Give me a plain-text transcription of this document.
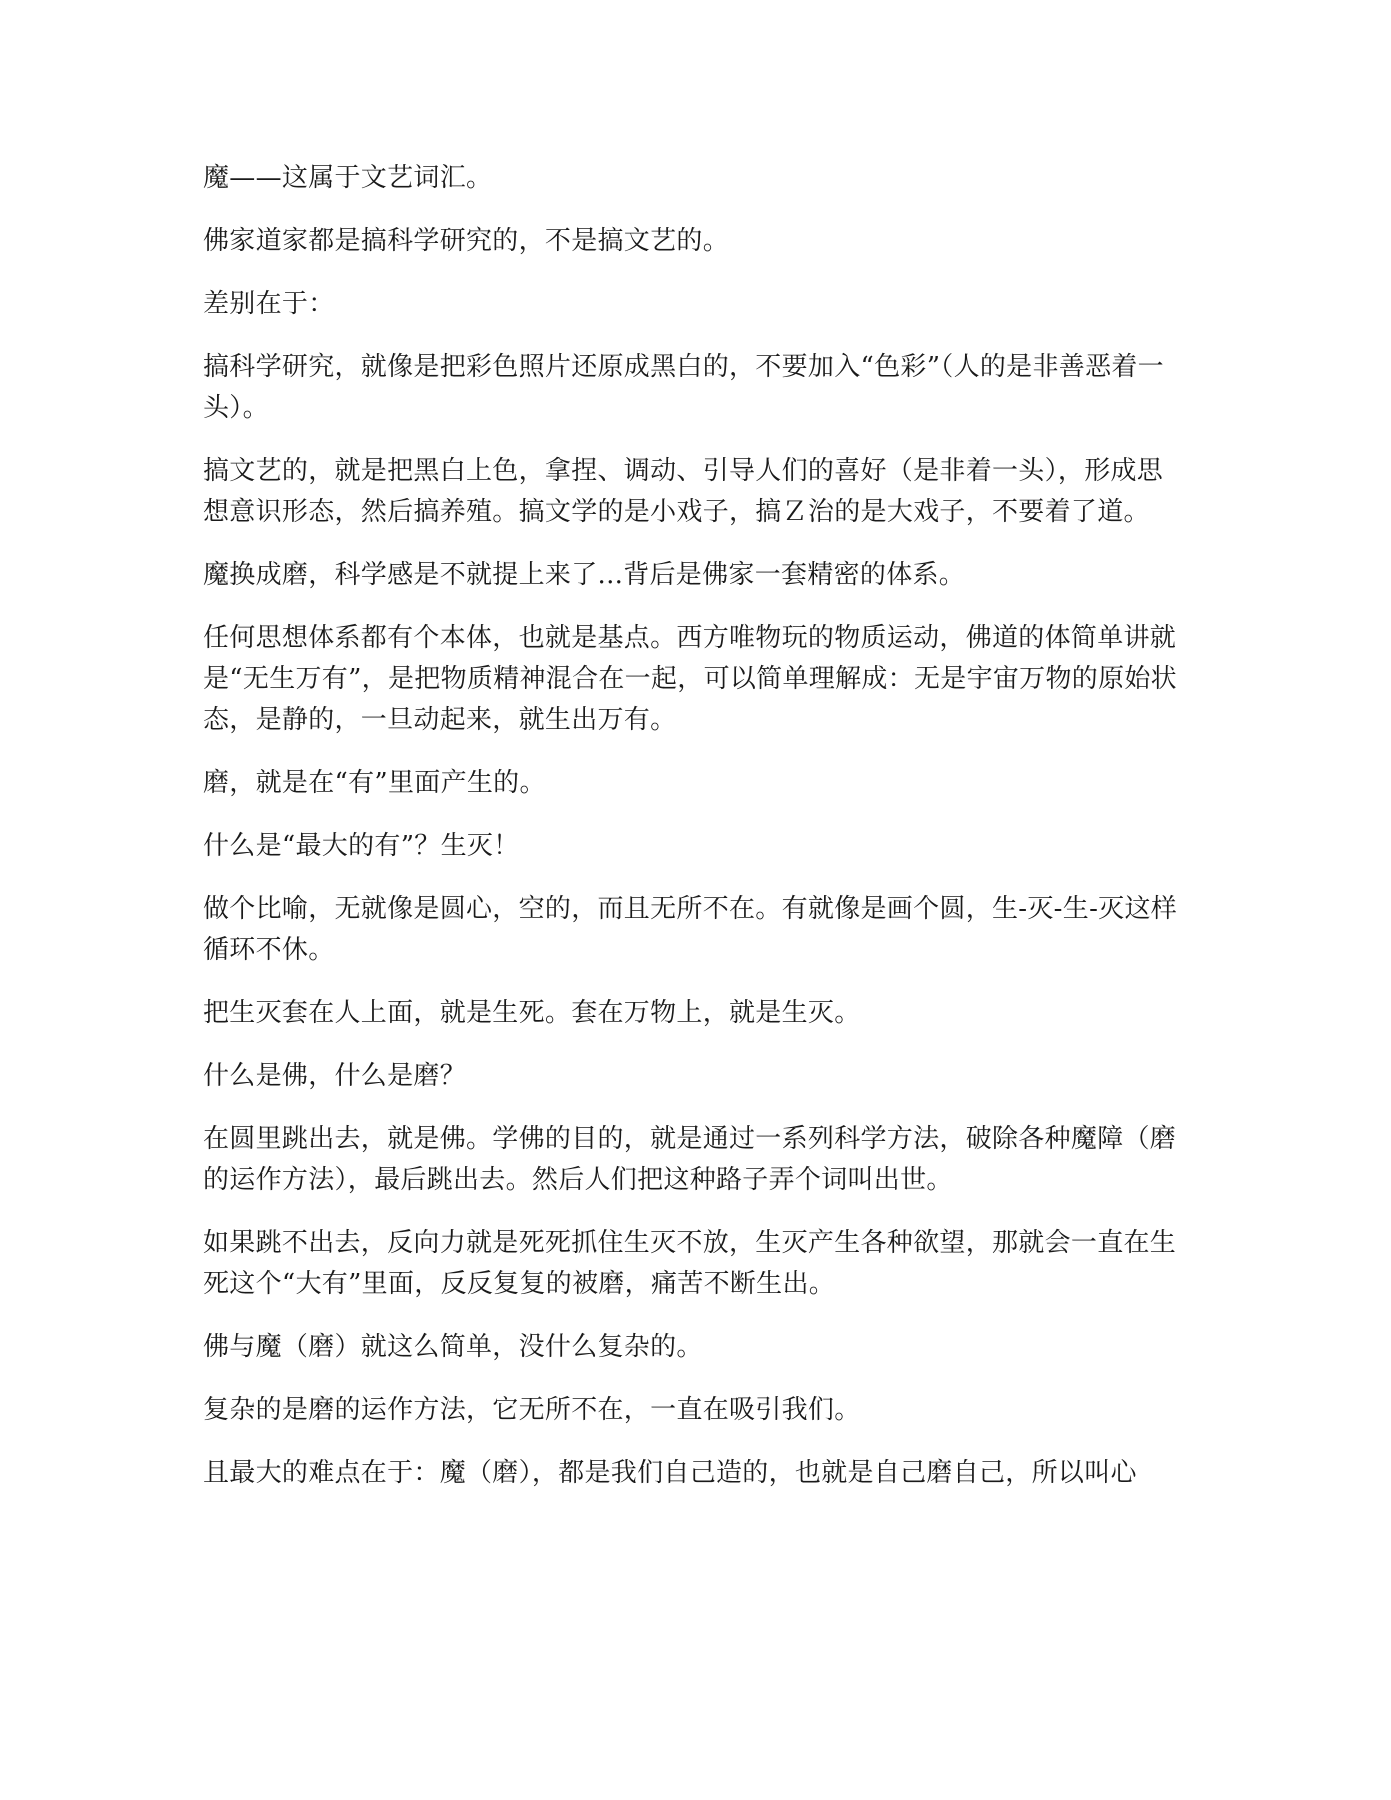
魔——这属于文艺词汇。

佛家道家都是搞科学研究的，不是搞文艺的。

差别在于：

搞科学研究，就像是把彩色照片还原成黑白的，不要加入“色彩”（人的是非善恶着一头）。

搞文艺的，就是把黑白上色，拿捏、调动、引导人们的喜好（是非着一头），形成思想意识形态，然后搞养殖。搞文学的是小戏子，搞Ｚ治的是大戏子，不要着了道。

魔换成磨，科学感是不就提上来了...背后是佛家一套精密的体系。

任何思想体系都有个本体，也就是基点。西方唯物玩的物质运动，佛道的体简单讲就是“无生万有”，是把物质精神混合在一起，可以简单理解成：无是宇宙万物的原始状态，是静的，一旦动起来，就生出万有。

磨，就是在“有”里面产生的。

什么是“最大的有”？生灭！

做个比喻，无就像是圆心，空的，而且无所不在。有就像是画个圆，生-灭-生-灭这样循环不休。

把生灭套在人上面，就是生死。套在万物上，就是生灭。

什么是佛，什么是磨？

在圆里跳出去，就是佛。学佛的目的，就是通过一系列科学方法，破除各种魔障（磨的运作方法），最后跳出去。然后人们把这种路子弄个词叫出世。

如果跳不出去，反向力就是死死抓住生灭不放，生灭产生各种欲望，那就会一直在生死这个“大有”里面，反反复复的被磨，痛苦不断生出。

佛与魔（磨）就这么简单，没什么复杂的。

复杂的是磨的运作方法，它无所不在，一直在吸引我们。

且最大的难点在于：魔（磨），都是我们自己造的，也就是自己磨自己，所以叫心
